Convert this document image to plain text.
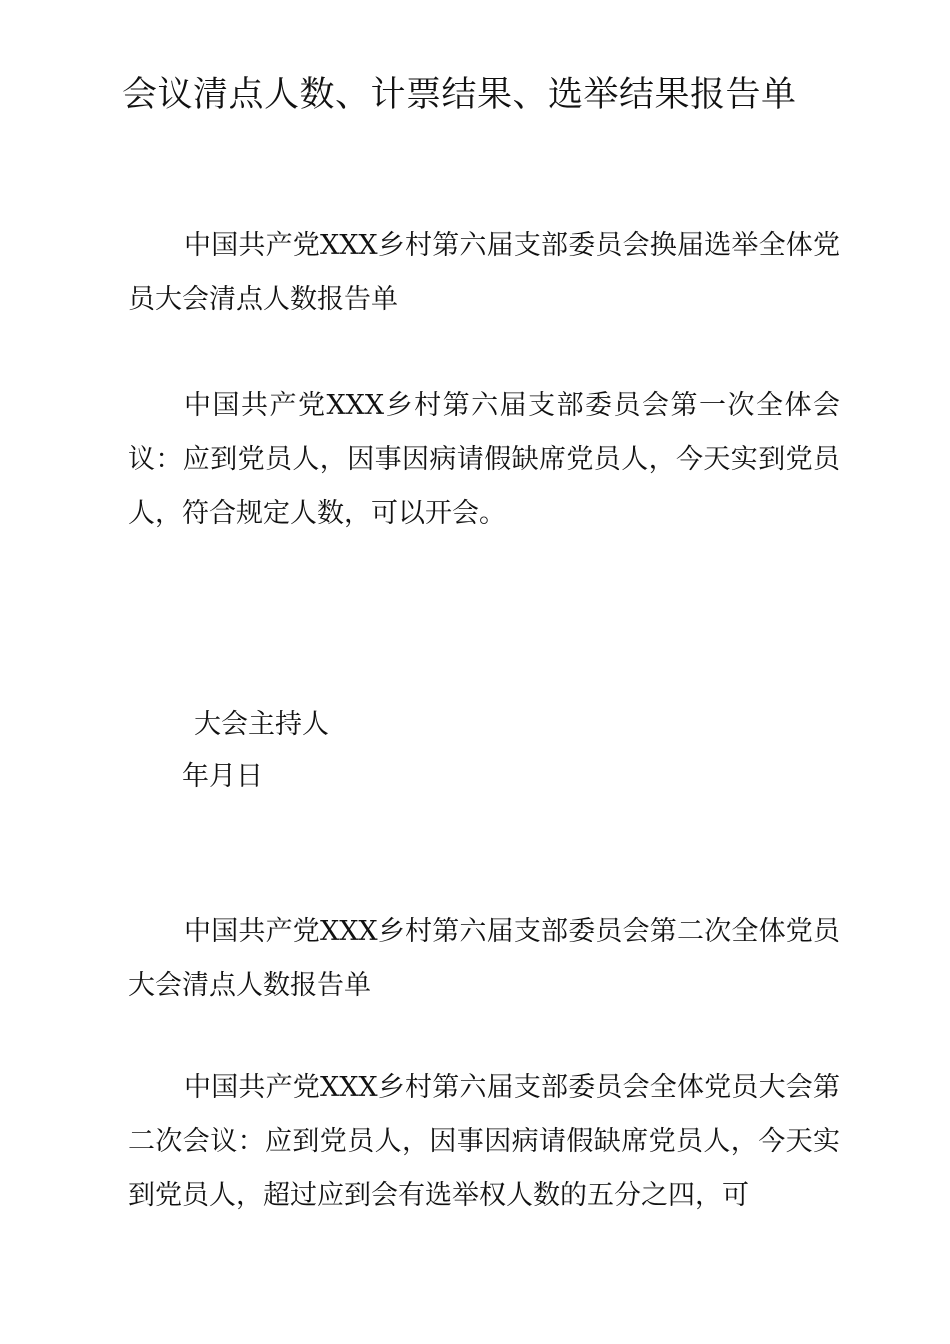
会议清点人数、计票结果、选举结果报告单

中国共产党XXX乡村第六届支部委员会换届选举全体党员大会清点人数报告单

中国共产党XXX乡村第六届支部委员会第一次全体会议：应到党员人，因事因病请假缺席党员人，今天实到党员人，符合规定人数，可以开会。

大会主持人

年月日

中国共产党XXX乡村第六届支部委员会第二次全体党员大会清点人数报告单

中国共产党XXX乡村第六届支部委员会全体党员大会第二次会议：应到党员人，因事因病请假缺席党员人，今天实到党员人，超过应到会有选举权人数的五分之四，可
